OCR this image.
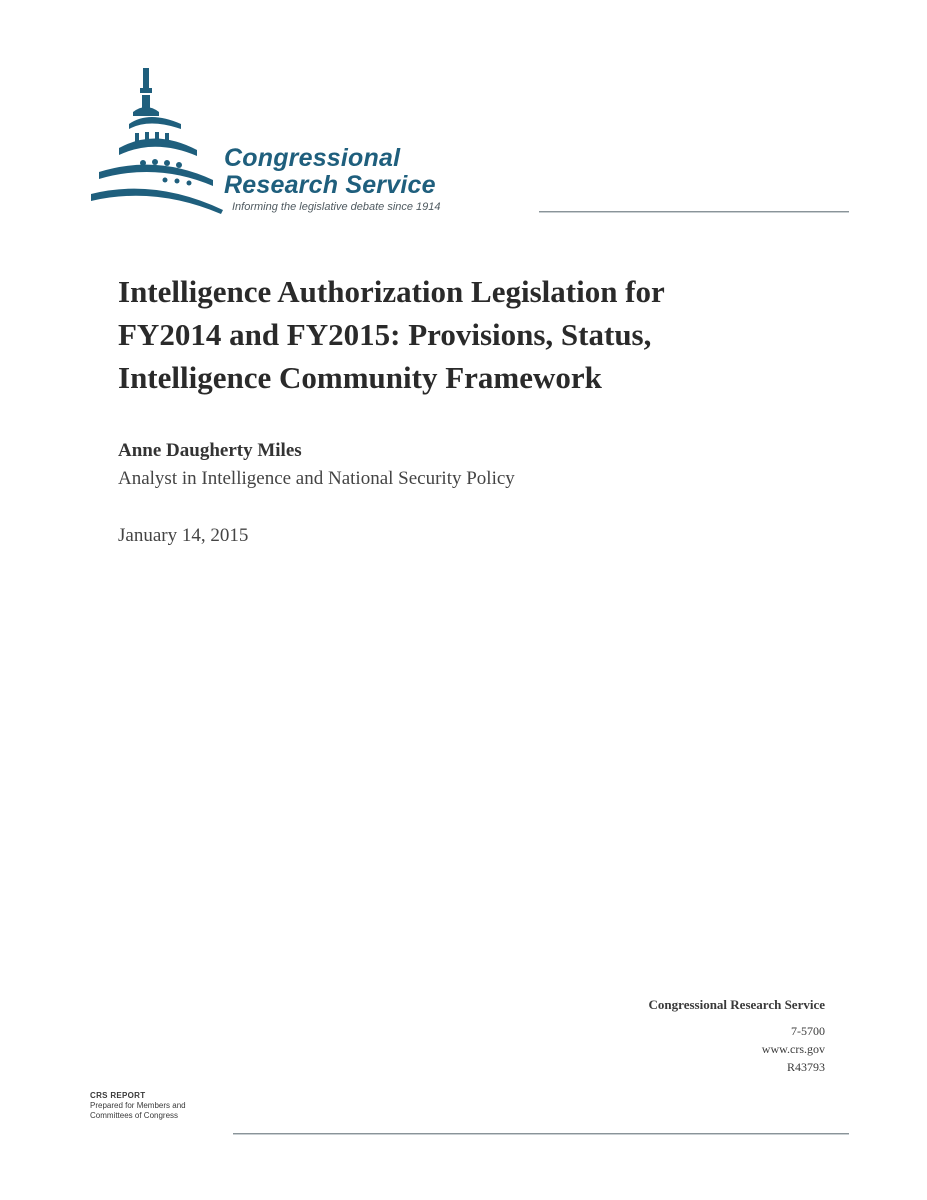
Congressional
Research Service
Informing the legislative debate since 1914
Intelligence Authorization Legislation for
FY2014 and FY2015: Provisions, Status,
Intelligence Community Framework
Anne Daugherty Miles
Analyst in Intelligence and National Security Policy
January 14, 2015
Congressional Research Service
7-5700
www.crs.gov
R43793
CRS REPORT
Prepared for Members and
Committees of Congress
